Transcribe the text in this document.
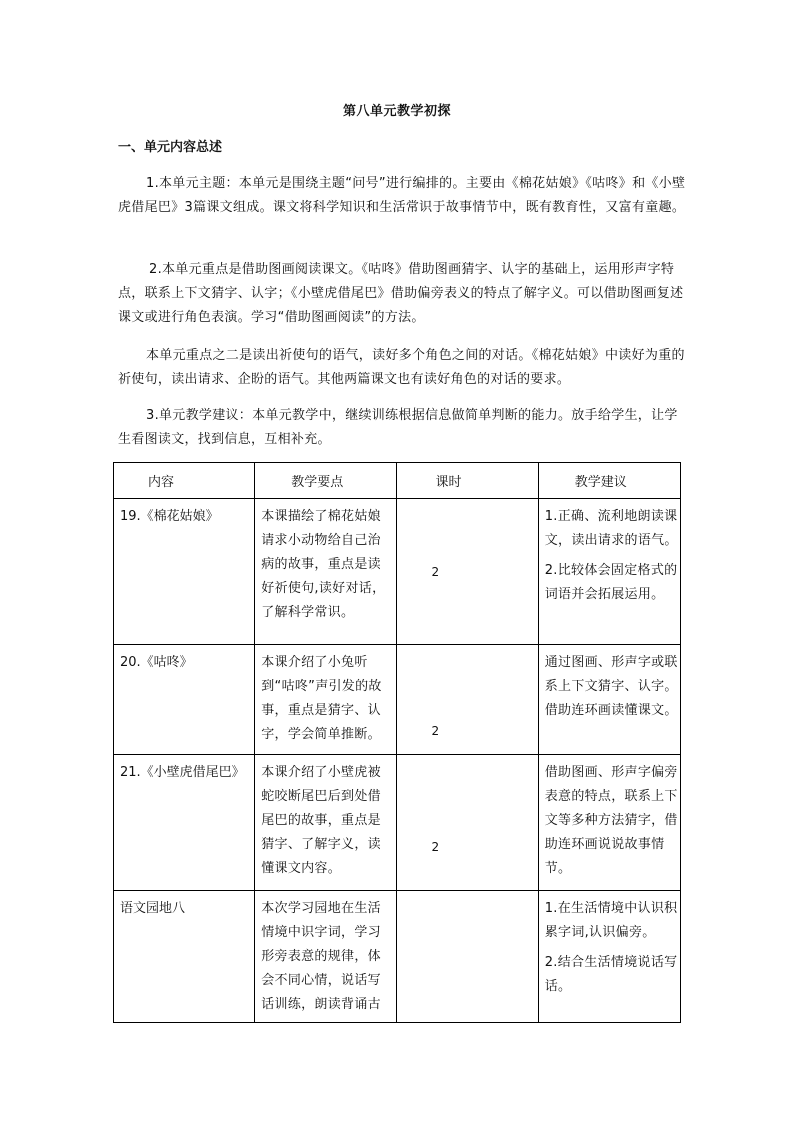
第八单元教学初探
一、单元内容总述
1.本单元主题：本单元是围绕主题“问号”进行编排的。主要由《棉花姑娘》《咕咚》和《小壁虎借尾巴》3篇课文组成。课文将科学知识和生活常识于故事情节中，既有教育性，又富有童趣。
2.本单元重点是借助图画阅读课文。《咕咚》借助图画猜字、认字的基础上，运用形声字特点，联系上下文猜字、认字；《小壁虎借尾巴》借助偏旁表义的特点了解字义。可以借助图画复述课文或进行角色表演。学习“借助图画阅读”的方法。
本单元重点之二是读出祈使句的语气，读好多个角色之间的对话。《棉花姑娘》中读好为重的祈使句，读出请求、企盼的语气。其他两篇课文也有读好角色的对话的要求。
3.单元教学建议：本单元教学中，继续训练根据信息做简单判断的能力。放手给学生，让学生看图读文，找到信息，互相补充。
内容	教学要点	课时	教学建议

19.《棉花姑娘》	本课描绘了棉花姑娘请求小动物给自己治病的故事，重点是读好祈使句,读好对话，了解科学常识。	2	1.正确、流利地朗读课文，读出请求的语气。

2.比较体会固定格式的词语并会拓展运用。

20.《咕咚》	本课介绍了小兔听到“咕咚”声引发的故事，重点是猜字、认字，学会简单推断。	2	通过图画、形声字或联系上下文猜字、认字。借助连环画读懂课文。

21.《小壁虎借尾巴》	本课介绍了小壁虎被蛇咬断尾巴后到处借尾巴的故事，重点是猜字、了解字义，读懂课文内容。	2	借助图画、形声字偏旁表意的特点，联系上下文等多种方法猜字，借助连环画说说故事情节。

语文园地八	本次学习园地在生活情境中识字词，学习形旁表意的规律，体会不同心情，说话写话训练，朗读背诵古		1.在生活情境中认识积累字词,认识偏旁。

2.结合生活情境说话写话。
